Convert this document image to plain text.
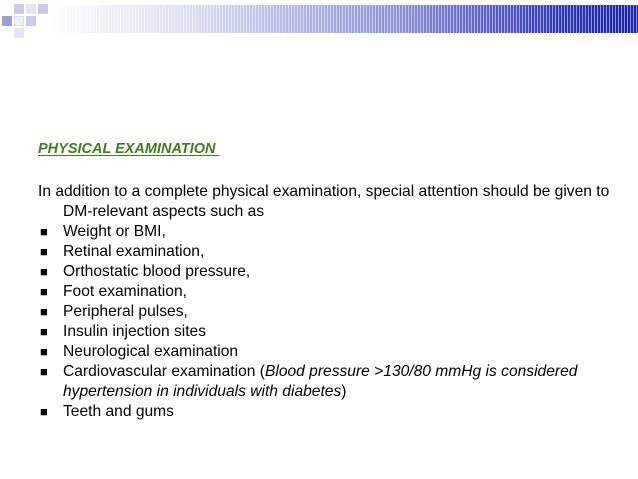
PHYSICAL EXAMINATION

In addition to a complete physical examination, special attention should be given to DM-relevant aspects such as

■ Weight or BMI,
■ Retinal examination,
■ Orthostatic blood pressure,
■ Foot examination,
■ Peripheral pulses,
■ Insulin injection sites
■ Neurological examination
■ Cardiovascular examination (Blood pressure >130/80 mmHg is considered hypertension in individuals with diabetes)
■ Teeth and gums
